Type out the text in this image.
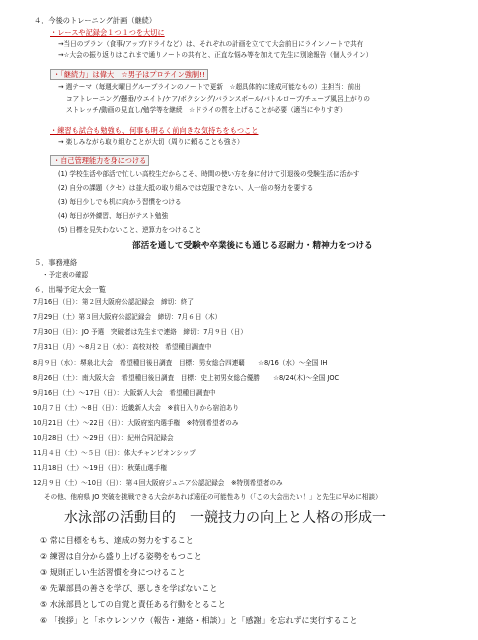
４．今後のトレーニング計画（継続）
・レースや記録会１つ１つを大切に
→当日のプラン（食事/アップ/ドライなど）は、それぞれの計画を立てて大会前日にラインノートで共有
→☆大会の振り返りはこれまで通りノートの共有と、正直な悩み等を加えて先生に別途報告（個人ライン）
・「継続力」は偉大　☆男子はプロテイン強制!!
→ 週テーマ（毎週火曜日グループラインのノートで更新　☆超具体的に達成可能なもの）主担当：前出
コアトレーニング/懸垂/ウエイト/ケア/ボクシング/バランスボール/バトルロープ/チューブ風呂上がりの
ストレッチ/動画の見直し/勉学等を継続　☆ドライの質を上げることが必要（適当にやりすぎ）
・練習も試合も勉強も、何事も明るく前向きな気持ちをもつこと
→ 楽しみながら取り組むことが大切（周りに頼ることも強さ）
・自己管理能力を身につける
(1) 学校生活や部活で忙しい高校生だからこそ、時間の使い方を身に付けて引退後の受験生活に活かす
(2) 自分の課題（クセ）は並大抵の取り組みでは克服できない、人一倍の努力を要する
(3) 毎日少しでも机に向かう習慣をつける
(4) 毎日が外練習、毎日がテスト勉強
(5) 目標を見失わないこと、逆算力をつけること
部活を通して受験や卒業後にも通じる忍耐力・精神力をつける
５．事務連絡
・予定表の確認
６．出場予定大会一覧
7月16日（日）：第２回大阪府公認記録会　締切：終了
7月29日（土）第３回大阪府公認記録会　締切：7月６日（木）
7月30日（日）：JO 予選　突破者は先生まで連絡　締切：7月９日（日）
7月31日（月）〜8月２日（水）：高校対校　希望種目調査中
8月９日（水）：堺泉北大会　希望種目後日調査　目標：男女総合四連覇　　☆8/16（水）〜全国 IH
8月26日（土）：南大阪大会　希望種目後日調査　目標：史上初男女総合優勝　　☆8/24(木)〜全国 JOC
9月16日（土）〜17日（日）：大阪新人大会　希望種目調査中
10月７日（土）〜8日（日）：近畿新人大会　※前日入りから宿泊あり
10月21日（土）〜22日（日）：大阪府室内選手権　※特別希望者のみ
10月28日（土）〜29日（日）：紀州合同記録会
11月４日（土）〜５日（日）：体大チャンピオンシップ
11月18日（土）〜19日（日）：秋葉山選手権
12月９日（土）〜10日（日）：第４回大阪府ジュニア公認記録会　※特別希望者のみ
その他、他府県 JO 突破を挑戦できる大会があれば遠征の可能性あり（「この大会出たい！」と先生に早めに相談）
水泳部の活動目的　一競技力の向上と人格の形成一
① 常に目標をもち、達成の努力をすること
② 練習は自分から盛り上げる姿勢をもつこと
③ 規則正しい生活習慣を身につけること
④ 先輩部員の善さを学び、悪しきを学ばないこと
⑤ 水泳部員としての自覚と責任ある行動をとること
⑥ 「挨拶」と「ホウレンソウ（報告・連絡・相談）」と「感謝」を忘れずに実行すること
